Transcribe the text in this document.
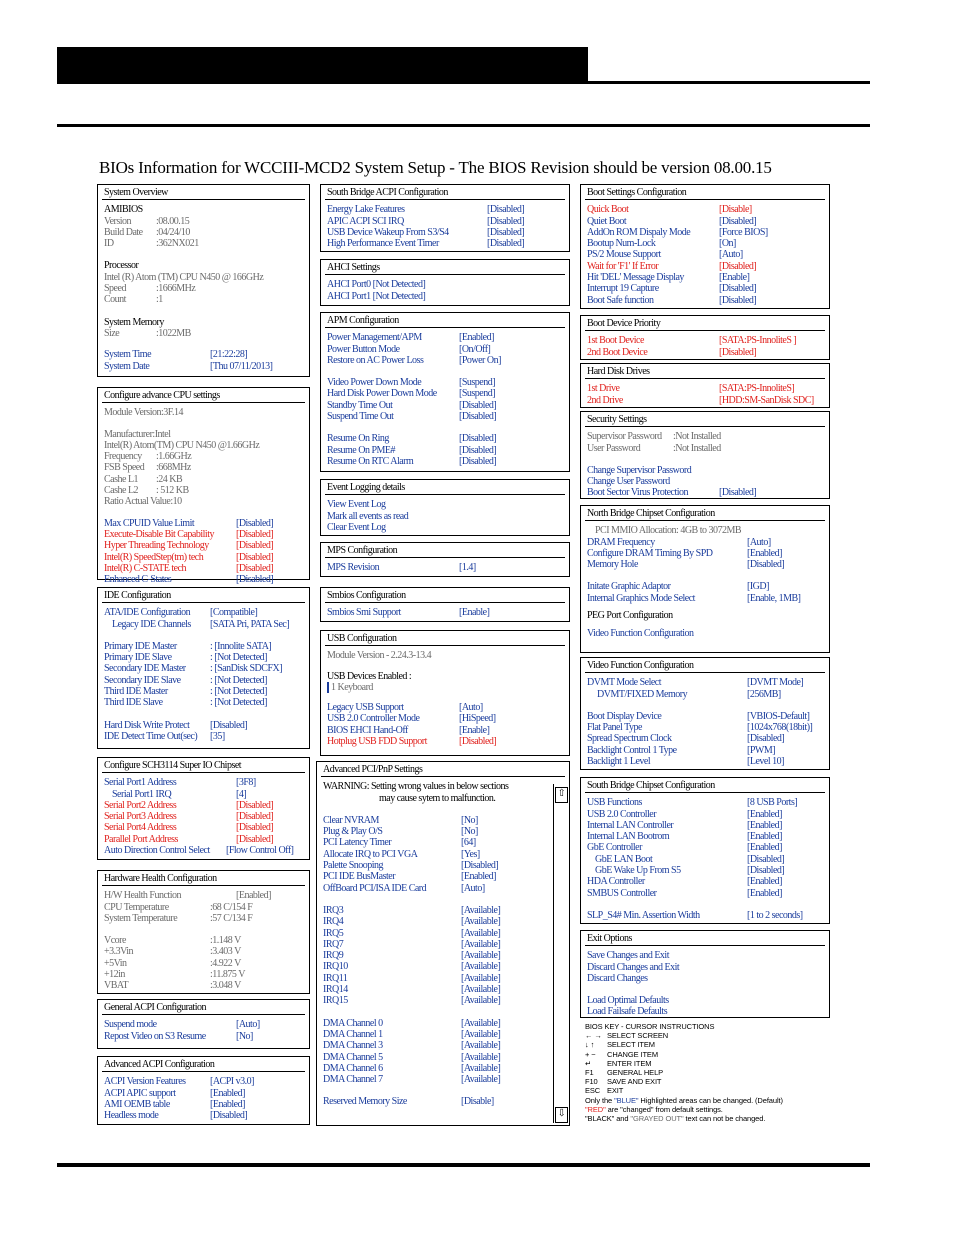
BIOs Information for WCCIII-MCD2 System Setup - The BIOS Revision should be version 08.00.15
System Overview
AMIBIOS
Version :08.00.15
Build Date :04/24/10
ID	:362NX021
Processor
Intel (R) Atom (TM) CPU N450 @ 166GHz
Speed	:1666MHz
Count	:1
System Memory
Size	:1022MB
System Time	[21:22:28]
System Date	[Thu 07/11/2013]
Configure advance CPU settings
Module Version:3F.14
Manufacturer:Intel
Intel(R) Atom(TM) CPU N450 @1.66GHz
Frequency :1.66GHz
FSB Speed :668MHz
Cashe L1 :24 KB
Cashe L2 : 512 KB
Ratio Actual Value:10
Max CPUID Value Limit	[Disabled]
Execute-Disable Bit Capability [Disabled]
Hyper Threading Technology	[Disabled]
Intel(R) SpeedStep(tm) tech	[Disabled]
Intel(R) C-STATE tech	[Disabled]
Enhanced C-States	[Disabled]
IDE Configuration
ATA/IDE Configuration [Compatible]
Legacy IDE Channels [SATA Pri, PATA Sec]
Primary IDE Master	: [Innolite SATA]
Primary IDE Slave	: [Not Detected]
Secondary IDE Master : [SanDisk SDCFX]
Secondary IDE Slave	: [Not Detected]
Third IDE Master	: [Not Detected]
Third IDE Slave	: [Not Detected]
Hard Disk Write Protect [Disabled]
IDE Detect Time Out(sec) [35]
Configure SCH3114 Super IO Chipset
Serial Port1 Address	[3F8]
Serial Port1 IRQ	[4]
Serial Port2 Address	[Disabled]
Serial Port3 Address	[Disabled]
Serial Port4 Address	[Disabled]
Parallel Port Address	[Disabled]
Auto Direction Control Select [Flow Control Off]
Hardware Health Configuration
H/W Health Function	[Enabled]
CPU Temperature	:68 C/154 F
System Temperature	:57 C/134 F
Vcore	:1.148 V
+3.3Vin	:3.403 V
+5Vin	:4.922 V
+12in	:11.875 V
VBAT	:3.048 V
General ACPI Configuration
Suspend mode	[Auto]
Repost Video on S3 Resume	[No]
Advanced ACPI Configuration
ACPI Version Features [ACPI v3.0]
ACPI APIC support	[Enabled]
AMI OEMB table	[Enabled]
Headless mode	[Disabled]
South Bridge ACPI Configuration
Energy Lake Features	[Disabled]
APIC ACPI SCI IRQ	[Disabled]
USB Device Wakeup From S3/S4	[Disabled]
High Performance Event Timer	[Disabled]
AHCI Settings
AHCI Port0 [Not Detected]
AHCI Port1 [Not Detected]
APM Configuration
Power Management/APM	[Enabled]
Power Button Mode	[On/Off]
Restore on AC Power Loss	[Power On]
Video Power Down Mode	[Suspend]
Hard Disk Power Down Mode [Suspend]
Standby Time Out	[Disabled]
Suspend Time Out	[Disabled]
Resume On Ring	[Disabled]
Resume On PME#	[Disabled]
Resume On RTC Alarm	[Disabled]
Event Logging details
View Event Log
Mark all events as read
Clear Event Log
MPS Configuration
MPS Revision	[1.4]
Smbios Configuration
Smbios Smi Support	[Enable]
USB Configuration
Module Version - 2.24.3-13.4
USB Devices Enabled :
1 Keyboard
Legacy USB Support	[Auto]
USB 2.0 Controller Mode	[HiSpeed]
BIOS EHCI Hand-Off	[Enable]
Hotplug USB FDD Support	[Disabled]
Advanced PCI/PnP Settings
WARNING: Setting wrong values in below sections
may cause sytem to malfunction.
Clear NVRAM	[No]
Plug & Play O/S	[No]
PCI Latency Timer	[64]
Allocate IRQ to PCI VGA	[Yes]
Palette Snooping	[Disabled]
PCI IDE BusMaster	[Enabled]
OffBoard PCI/ISA IDE Card	[Auto]
IRQ3	[Available]
IRQ4	[Available]
IRQ5	[Available]
IRQ7	[Available]
IRQ9	[Available]
IRQ10	[Available]
IRQ11	[Available]
IRQ14	[Available]
IRQ15	[Available]
DMA Channel 0	[Available]
DMA Channel 1	[Available]
DMA Channel 3	[Available]
DMA Channel 5	[Available]
DMA Channel 6	[Available]
DMA Channel 7	[Available]
Reserved Memory Size	[Disable]
⇧
⇩
Boot Settings Configuration
Quick Boot	[Disable]
Quiet Boot	[Disabled]
AddOn ROM Dispaly Mode	[Force BIOS]
Bootup Num-Lock	[On]
PS/2 Mouse Support	[Auto]
Wait for 'F1' If Error	[Disabled]
Hit 'DEL' Message Display	[Enable]
Interrupt 19 Capture	[Disabled]
Boot Safe function	[Disabled]
Boot Device Priority
1st Boot Device	[SATA:PS-InnoliteS ]
2nd Boot Device	[Disabled]
Hard Disk Drives
1st Drive	[SATA:PS-InnoliteS]
2nd Drive	[HDD:SM-SanDisk SDC]
Security Settings
Supervisor Password :Not Installed
User Password	:Not Installed
Change Supervisor Password
Change User Password
Boot Sector Virus Protection	[Disabled]
North Bridge Chipset Configuration
PCI MMIO Allocation: 4GB to 3072MB
DRAM Frequency	[Auto]
Configure DRAM Timing By SPD	[Enabled]
Memory Hole	[Disabled]
Initate Graphic Adaptor	[IGD]
Internal Graphics Mode Select	[Enable, 1MB]
PEG Port Configuration
Video Function Configuration
Video Function Configuration
DVMT Mode Select	[DVMT Mode]
DVMT/FIXED Memory	[256MB]
Boot Display Device	[VBIOS-Default]
Flat Panel Type	[1024x768(18bit)]
Spread Spectrum Clock	[Disabled]
Backlight Control 1 Type	[PWM]
Backlight 1 Level	[Level 10]
South Bridge Chipset Configuration
USB Functions	[8 USB Ports]
USB 2.0 Controller	[Enabled]
Internal LAN Controller	[Enabled]
Internal LAN Bootrom	[Enabled]
GbE Controller	[Enabled]
GbE LAN Boot	[Disabled]
GbE Wake Up From S5	[Disabled]
HDA Controller	[Enabled]
SMBUS Controller	[Enabled]
SLP_S4# Min. Assertion Width	[1 to 2 seconds]
Exit Options
Save Changes and Exit
Discard Changes and Exit
Discard Changes
Load Optimal Defaults
Load Failsafe Defaults
BIOS KEY - CURSOR INSTRUCTIONS
← → SELECT SCREEN
↓ ↑ SELECT ITEM
+ − CHANGE ITEM
↵ ENTER ITEM
F1 GENERAL HELP
F10 SAVE AND EXIT
ESC EXIT
Only the "BLUE" Highlighted areas can be changed. (Default)
"RED" are "changed" from default settings.
"BLACK" and "GRAYED OUT" text can not be changed.
